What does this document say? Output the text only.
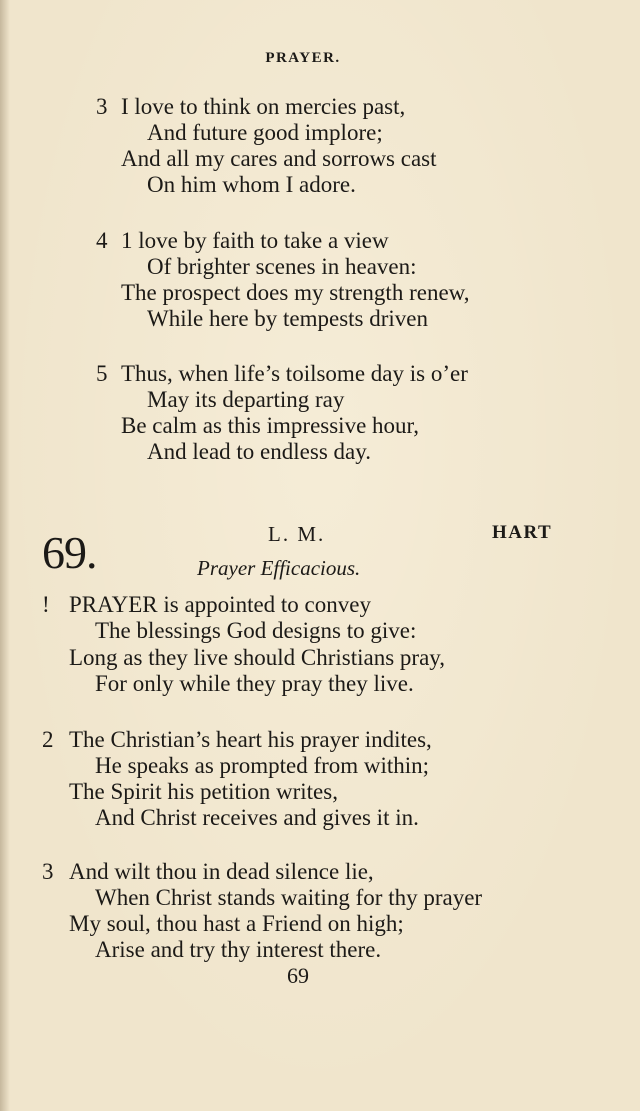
PRAYER.
3 I love to think on mercies past,
And future good implore;
And all my cares and sorrows cast
On him whom I adore.
4 1 love by faith to take a view
Of brighter scenes in heaven:
The prospect does my strength renew,
While here by tempests driven
5 Thus, when life’s toilsome day is o’er
May its departing ray
Be calm as this impressive hour,
And lead to endless day.
69.	L. M.	HART
Prayer Efficacious.
! PRAYER is appointed to convey
The blessings God designs to give:
Long as they live should Christians pray,
For only while they pray they live.
2 The Christian’s heart his prayer indites,
He speaks as prompted from within;
The Spirit his petition writes,
And Christ receives and gives it in.
3 And wilt thou in dead silence lie,
When Christ stands waiting for thy prayer
My soul, thou hast a Friend on high;
Arise and try thy interest there.
69
